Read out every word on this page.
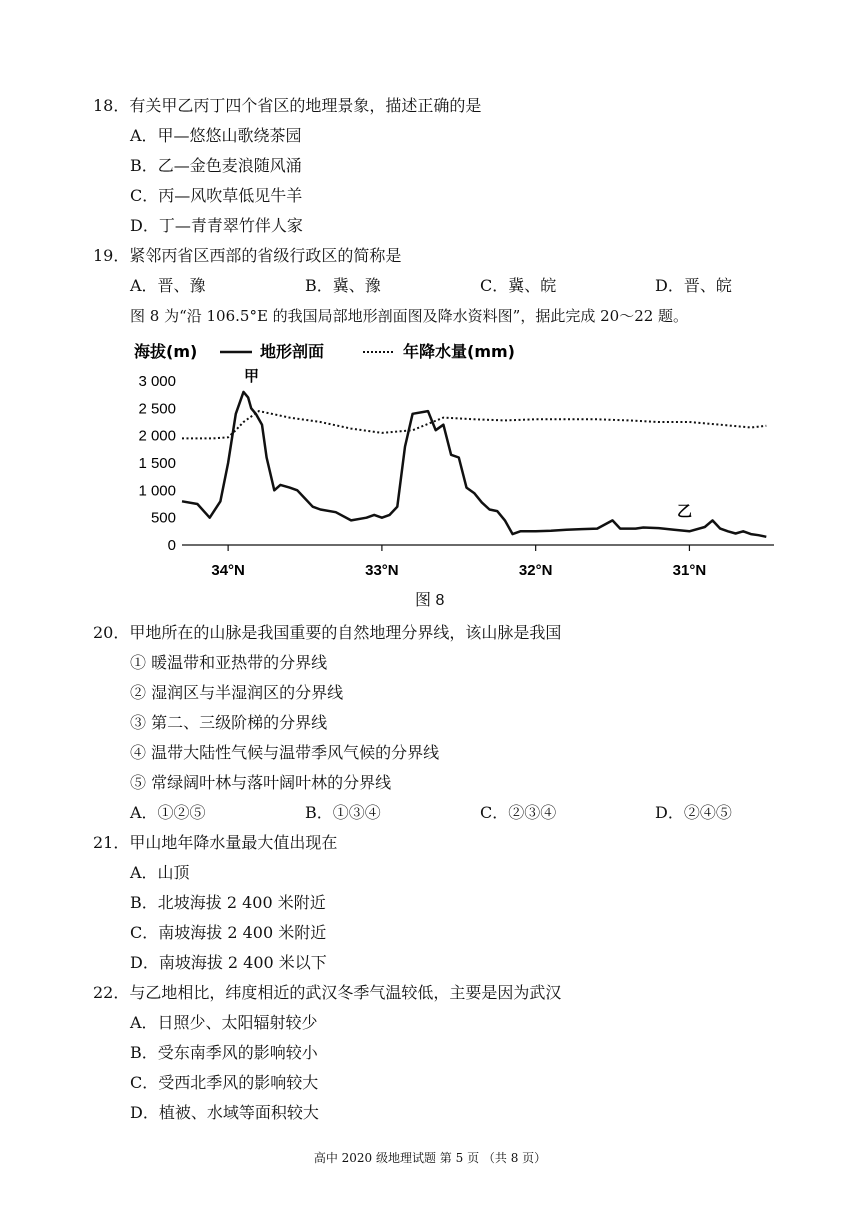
18．有关甲乙丙丁四个省区的地理景象，描述正确的是
A．甲—悠悠山歌绕茶园
B．乙—金色麦浪随风涌
C．丙—风吹草低见牛羊
D．丁—青青翠竹伴人家
19．紧邻丙省区西部的省级行政区的简称是
A．晋、豫	B．冀、豫	C．冀、皖	D．晋、皖
图 8 为“沿 106.5°E 的我国局部地形剖面图及降水资料图”，据此完成 20～22 题。
海拔(m)	地形剖面	年降水量(mm)
3 000
2 500
2 000
1 500
1 000
500
0
34°N	33°N	32°N	31°N
甲
乙
图 8
20．甲地所在的山脉是我国重要的自然地理分界线，该山脉是我国
① 暖温带和亚热带的分界线
② 湿润区与半湿润区的分界线
③ 第二、三级阶梯的分界线
④ 温带大陆性气候与温带季风气候的分界线
⑤ 常绿阔叶林与落叶阔叶林的分界线
A．①②⑤	B．①③④	C．②③④	D．②④⑤
21．甲山地年降水量最大值出现在
A．山顶
B．北坡海拔 2 400 米附近
C．南坡海拔 2 400 米附近
D．南坡海拔 2 400 米以下
22．与乙地相比，纬度相近的武汉冬季气温较低，主要是因为武汉
A．日照少、太阳辐射较少
B．受东南季风的影响较小
C．受西北季风的影响较大
D．植被、水域等面积较大
高中 2020 级地理试题 第 5 页 （共 8 页）
